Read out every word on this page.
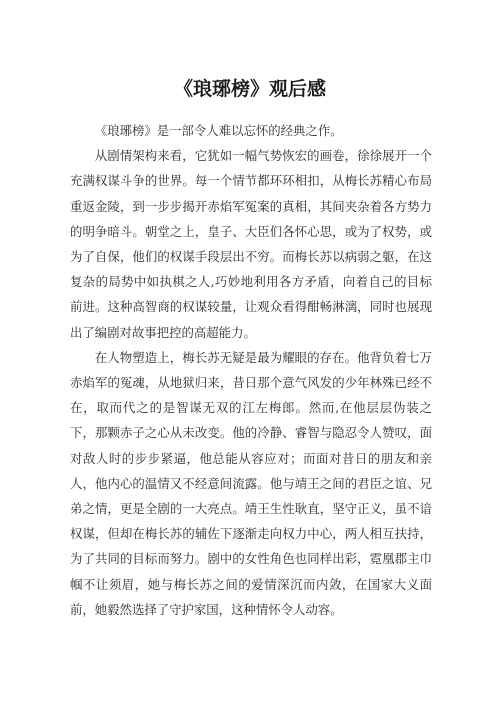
《琅琊榜》观后感

《琅琊榜》是一部令人难以忘怀的经典之作。

从剧情架构来看，它犹如一幅气势恢宏的画卷，徐徐展开一个充满权谋斗争的世界。每一个情节都环环相扣，从梅长苏精心布局重返金陵，到一步步揭开赤焰军冤案的真相，其间夹杂着各方势力的明争暗斗。朝堂之上，皇子、大臣们各怀心思，或为了权势，或为了自保，他们的权谋手段层出不穷。而梅长苏以病弱之躯，在这复杂的局势中如执棋之人,巧妙地利用各方矛盾，向着自己的目标前进。这种高智商的权谋较量，让观众看得酣畅淋漓，同时也展现出了编剧对故事把控的高超能力。

在人物塑造上，梅长苏无疑是最为耀眼的存在。他背负着七万赤焰军的冤魂，从地狱归来，昔日那个意气风发的少年林殊已经不在，取而代之的是智谋无双的江左梅郎。然而,在他层层伪装之下，那颗赤子之心从未改变。他的冷静、睿智与隐忍令人赞叹，面对敌人时的步步紧逼，他总能从容应对；而面对昔日的朋友和亲人，他内心的温情又不经意间流露。他与靖王之间的君臣之谊、兄弟之情，更是全剧的一大亮点。靖王生性耿直，坚守正义，虽不谙权谋，但却在梅长苏的辅佐下逐渐走向权力中心，两人相互扶持，为了共同的目标而努力。剧中的女性角色也同样出彩，霓凰郡主巾帼不让须眉，她与梅长苏之间的爱情深沉而内敛，在国家大义面前，她毅然选择了守护家国，这种情怀令人动容。
